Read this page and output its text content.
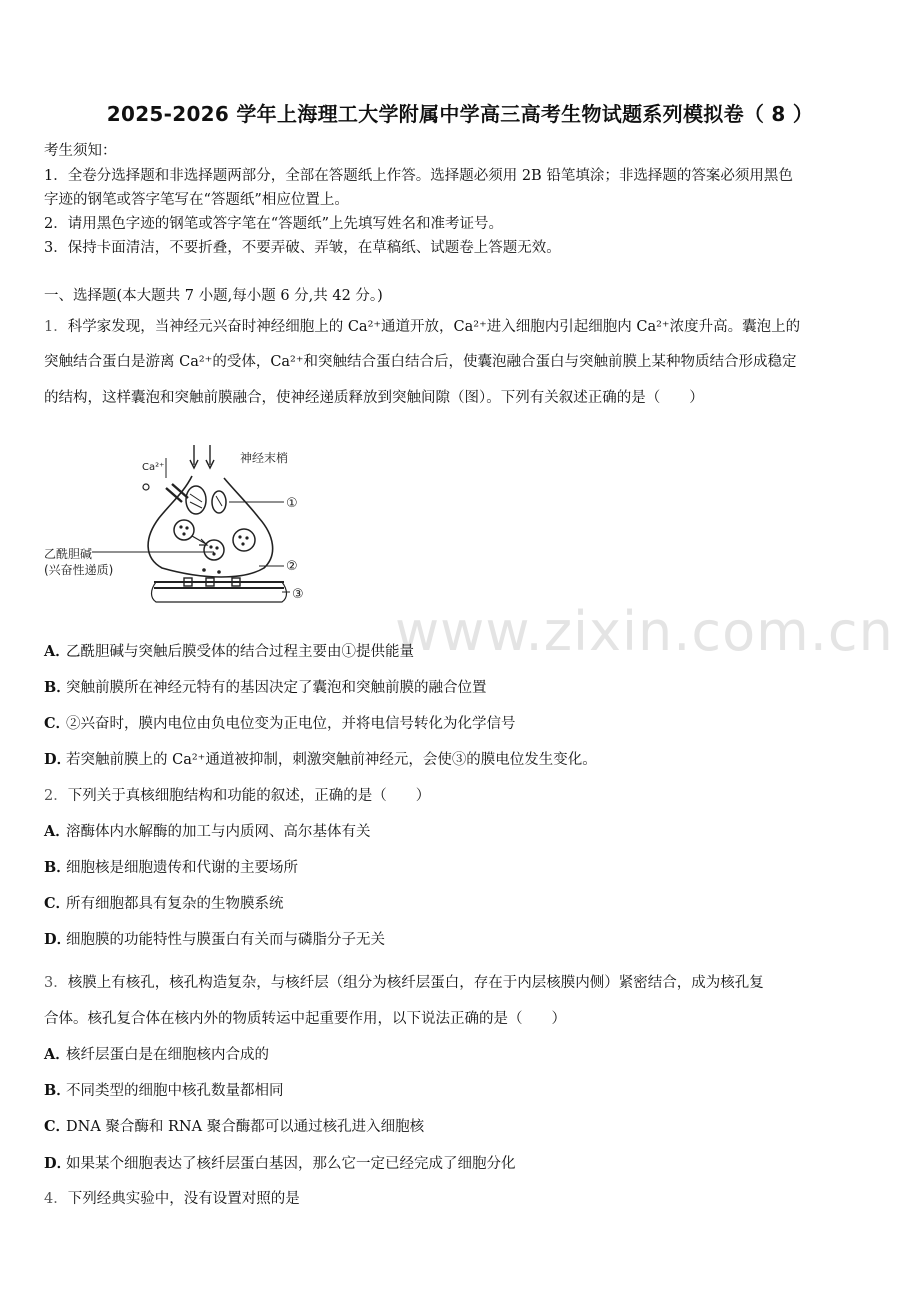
2025-2026 学年上海理工大学附属中学高三高考生物试题系列模拟卷（ 8 ）
考生须知：
1．全卷分选择题和非选择题两部分，全部在答题纸上作答。选择题必须用 2B 铅笔填涂；非选择题的答案必须用黑色
字迹的钢笔或答字笔写在“答题纸”相应位置上。
2．请用黑色字迹的钢笔或答字笔在“答题纸”上先填写姓名和准考证号。
3．保持卡面清洁，不要折叠，不要弄破、弄皱，在草稿纸、试题卷上答题无效。
一、选择题(本大题共 7 小题,每小题 6 分,共 42 分。)
1．科学家发现，当神经元兴奋时神经细胞上的 Ca²⁺通道开放，Ca²⁺进入细胞内引起细胞内 Ca²⁺浓度升高。囊泡上的
突触结合蛋白是游离 Ca²⁺的受体，Ca²⁺和突触结合蛋白结合后，使囊泡融合蛋白与突触前膜上某种物质结合形成稳定
的结构，这样囊泡和突触前膜融合，使神经递质释放到突触间隙（图）。下列有关叙述正确的是（　　）
Ca²⁺
神经末梢
①
乙酰胆碱
(兴奋性递质)	②
③
www.zixin.com.cn
A．乙酰胆碱与突触后膜受体的结合过程主要由①提供能量
B．突触前膜所在神经元特有的基因决定了囊泡和突触前膜的融合位置
C．②兴奋时，膜内电位由负电位变为正电位，并将电信号转化为化学信号
D．若突触前膜上的 Ca²⁺通道被抑制，刺激突触前神经元，会使③的膜电位发生变化。
2．下列关于真核细胞结构和功能的叙述，正确的是（　　）
A．溶酶体内水解酶的加工与内质网、高尔基体有关
B．细胞核是细胞遗传和代谢的主要场所
C．所有细胞都具有复杂的生物膜系统
D．细胞膜的功能特性与膜蛋白有关而与磷脂分子无关
3．核膜上有核孔，核孔构造复杂，与核纤层（组分为核纤层蛋白，存在于内层核膜内侧）紧密结合，成为核孔复
合体。核孔复合体在核内外的物质转运中起重要作用，以下说法正确的是（　　）
A．核纤层蛋白是在细胞核内合成的
B．不同类型的细胞中核孔数量都相同
C．DNA 聚合酶和 RNA 聚合酶都可以通过核孔进入细胞核
D．如果某个细胞表达了核纤层蛋白基因，那么它一定已经完成了细胞分化
4．下列经典实验中，没有设置对照的是
